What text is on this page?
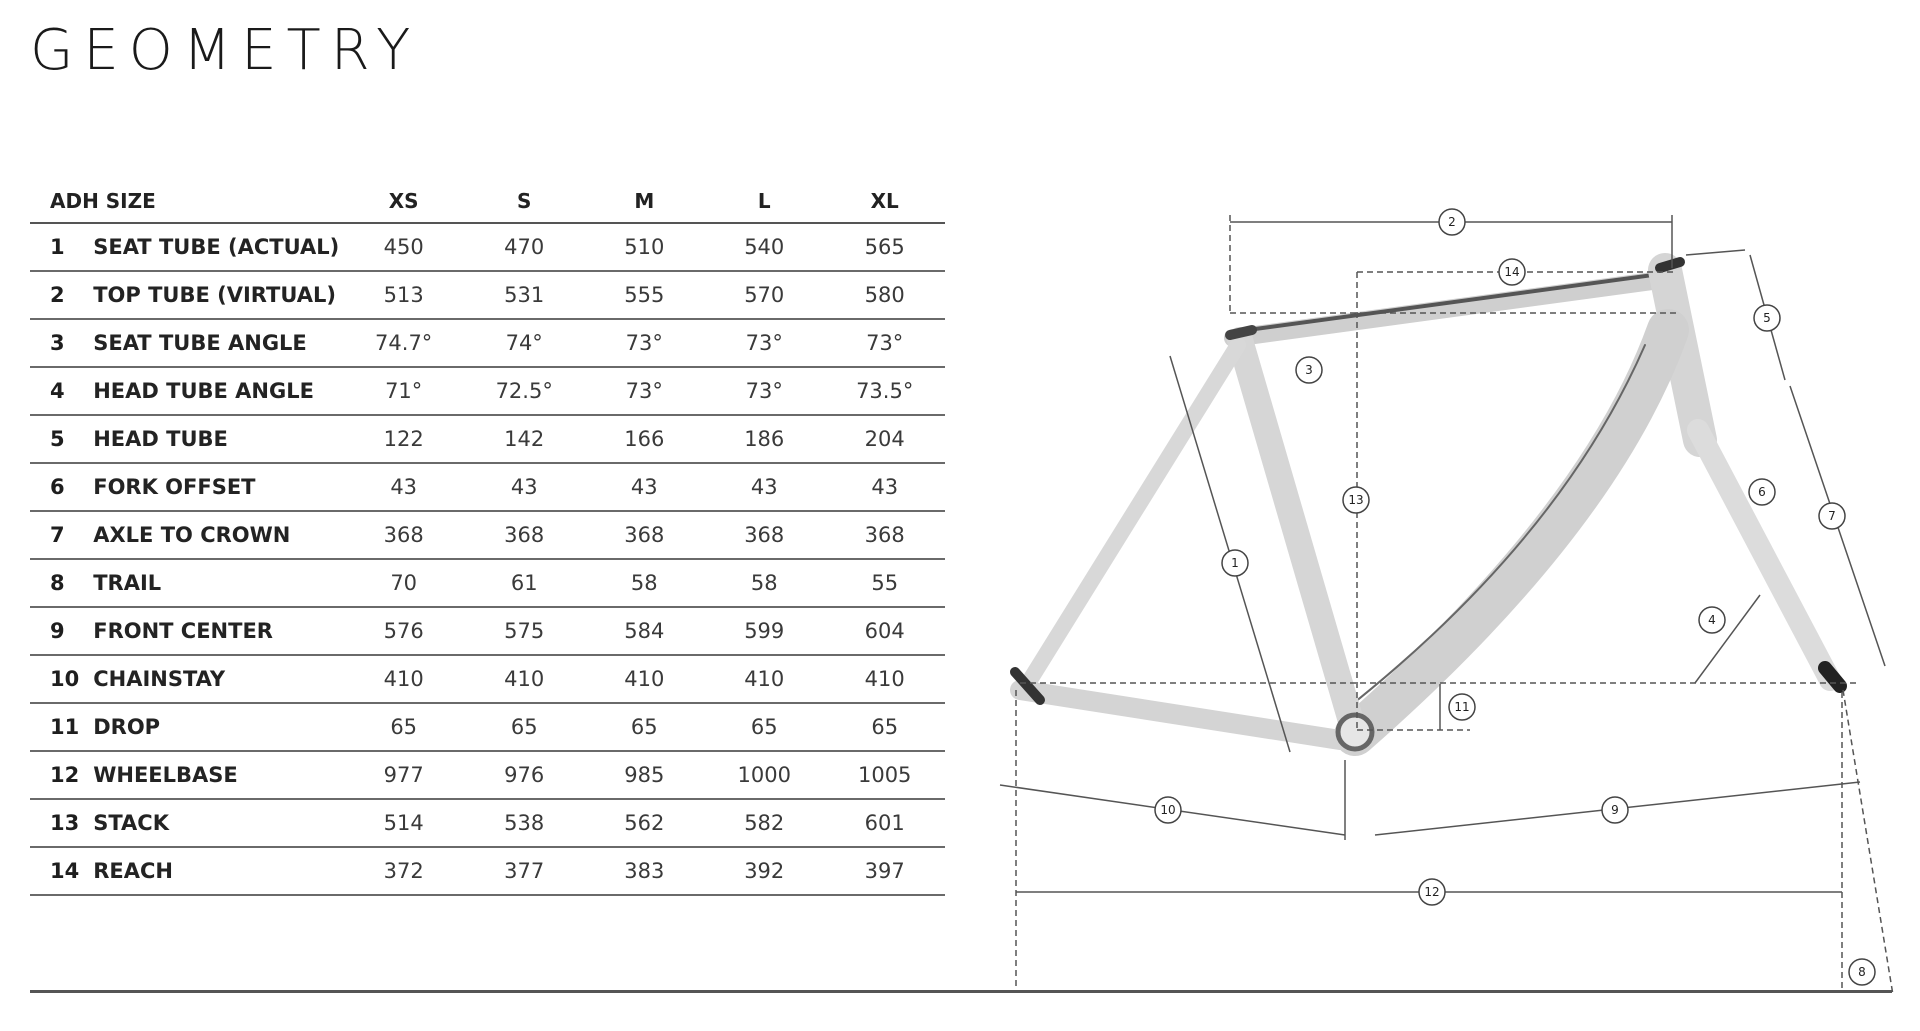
GEOMETRY
ADH SIZE		XS	S	M	L	XL
1	SEAT TUBE (ACTUAL)	450	470	510	540	565
2	TOP TUBE (VIRTUAL)	513	531	555	570	580
3	SEAT TUBE ANGLE	74.7°	74°	73°	73°	73°
4	HEAD TUBE ANGLE	71°	72.5°	73°	73°	73.5°
5	HEAD TUBE	122	142	166	186	204
6	FORK OFFSET	43	43	43	43	43
7	AXLE TO CROWN	368	368	368	368	368
8	TRAIL	70	61	58	58	55
9	FRONT CENTER	576	575	584	599	604
10	CHAINSTAY	410	410	410	410	410
11	DROP	65	65	65	65	65
12	WHEELBASE	977	976	985	1000	1005
13	STACK	514	538	562	582	601
14	REACH	372	377	383	392	397
2
14
5
3
13
6
7
1
4
11
10	9
12
8
